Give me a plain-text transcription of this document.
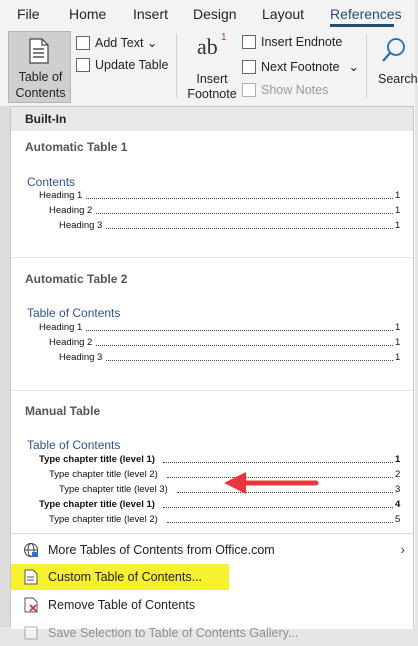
File Home Insert Design Layout References
Table of
Contents
Add Text ⌄
Update Table
ab 1
Insert
Footnote
Insert Endnote
Next Footnote ⌄
Show Notes
Search
Built-In
Automatic Table 1
Contents
Heading 1	1
Heading 2	1
Heading 3	1
Automatic Table 2
Table of Contents
Heading 1	1
Heading 2	1
Heading 3	1
Manual Table
Table of Contents
Type chapter title (level 1)	1
Type chapter title (level 2)	2
Type chapter title (level 3)	3
Type chapter title (level 1)	4
Type chapter title (level 2)	5
More Tables of Contents from Office.com	›
Custom Table of Contents...
Remove Table of Contents
Save Selection to Table of Contents Gallery...
